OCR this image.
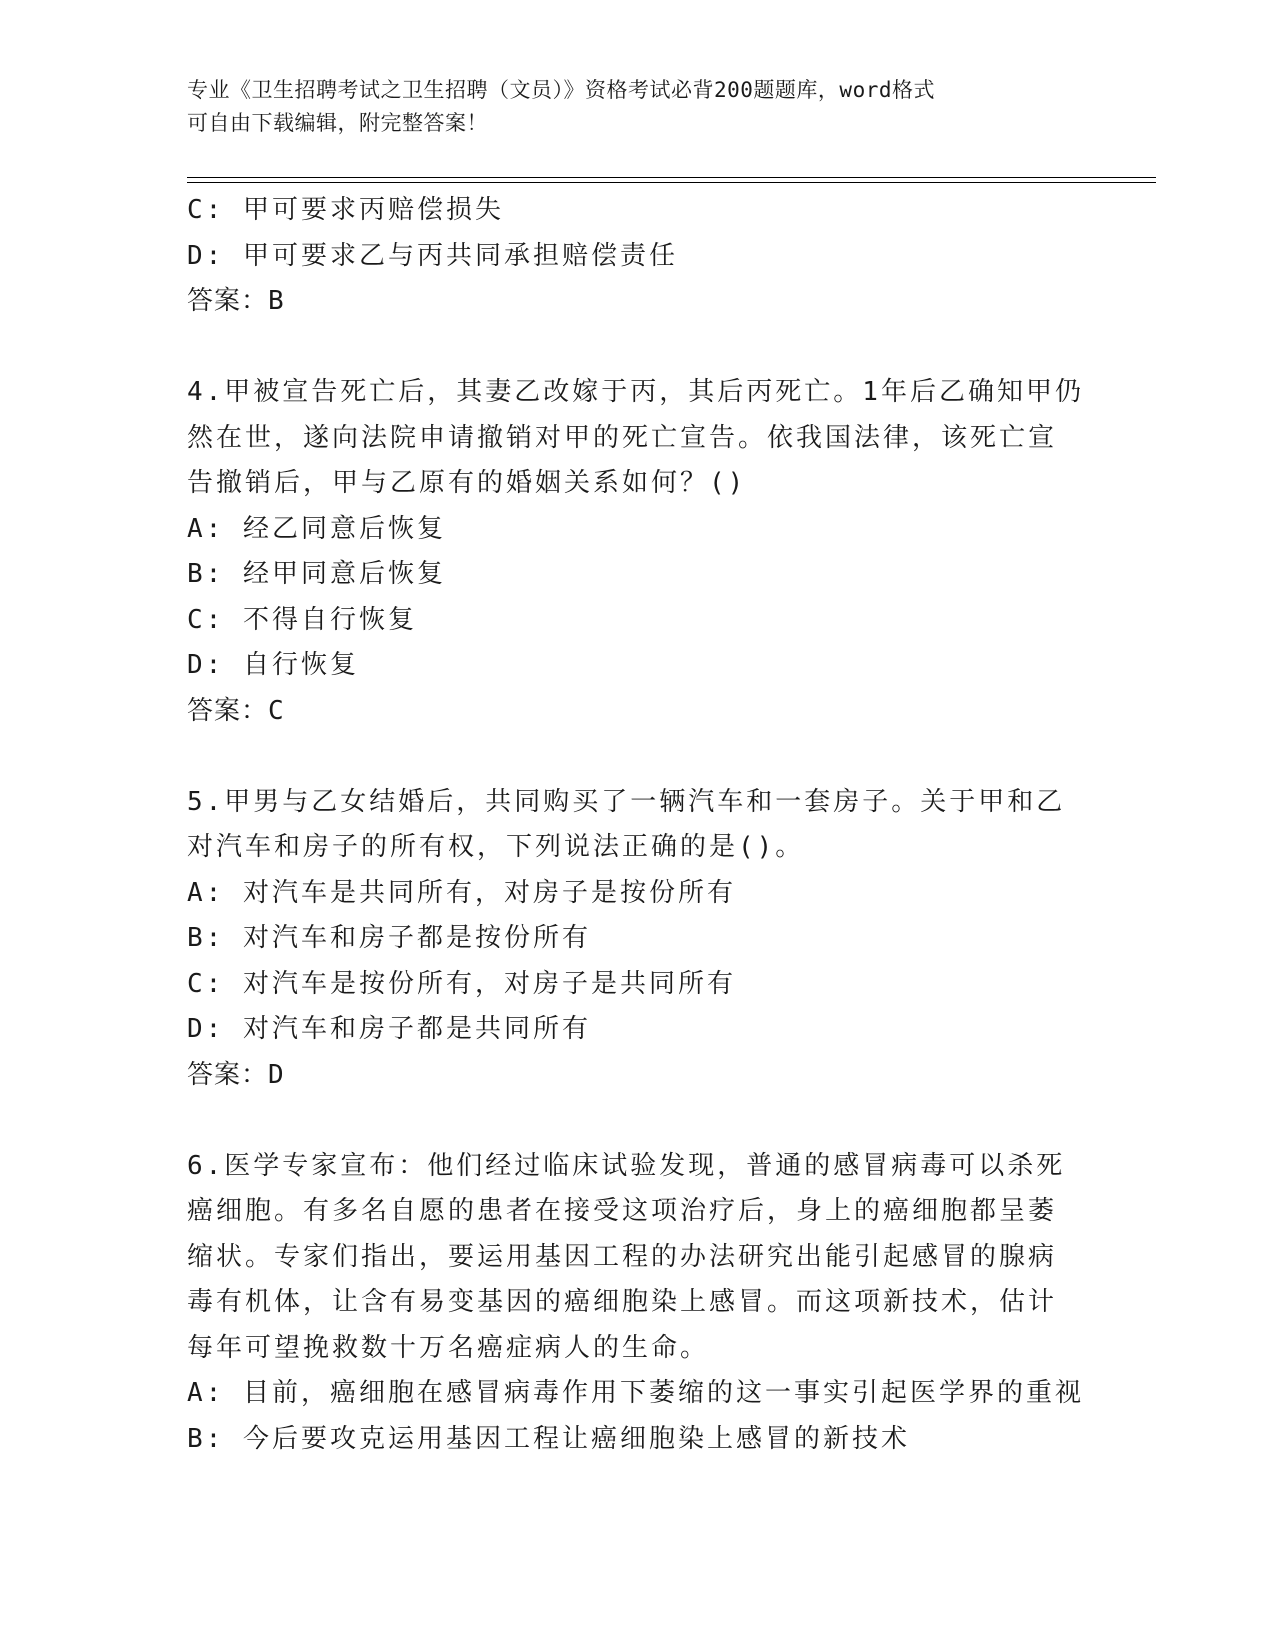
专业《卫生招聘考试之卫生招聘（文员）》资格考试必背200题题库，word格式
可自由下载编辑，附完整答案！
C: 甲可要求丙赔偿损失
D: 甲可要求乙与丙共同承担赔偿责任
答案：B
4.甲被宣告死亡后，其妻乙改嫁于丙，其后丙死亡。1年后乙确知甲仍
然在世，遂向法院申请撤销对甲的死亡宣告。依我国法律，该死亡宣
告撤销后，甲与乙原有的婚姻关系如何？()
A: 经乙同意后恢复
B: 经甲同意后恢复
C: 不得自行恢复
D: 自行恢复
答案：C
5.甲男与乙女结婚后，共同购买了一辆汽车和一套房子。关于甲和乙
对汽车和房子的所有权，下列说法正确的是()。
A: 对汽车是共同所有，对房子是按份所有
B: 对汽车和房子都是按份所有
C: 对汽车是按份所有，对房子是共同所有
D: 对汽车和房子都是共同所有
答案：D
6.医学专家宣布：他们经过临床试验发现，普通的感冒病毒可以杀死
癌细胞。有多名自愿的患者在接受这项治疗后，身上的癌细胞都呈萎
缩状。专家们指出，要运用基因工程的办法研究出能引起感冒的腺病
毒有机体，让含有易变基因的癌细胞染上感冒。而这项新技术，估计
每年可望挽救数十万名癌症病人的生命。
A: 目前，癌细胞在感冒病毒作用下萎缩的这一事实引起医学界的重视
B: 今后要攻克运用基因工程让癌细胞染上感冒的新技术
